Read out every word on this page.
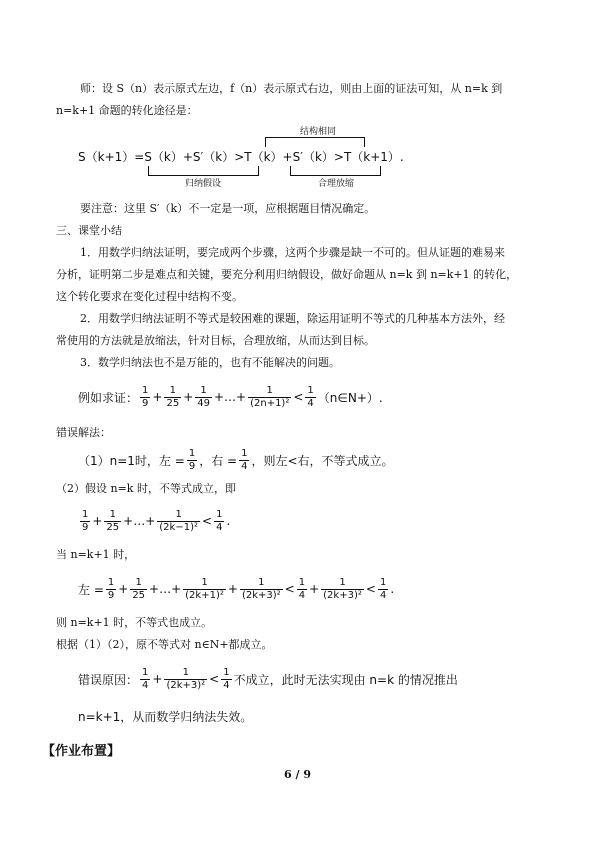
师：设 S（n）表示原式左边，f（n）表示原式右边，则由上面的证法可知，从 n=k 到
n=k+1 命题的转化途径是：
结构相同
S（k+1）=S（k）+S′（k）>T（k）+S′（k）>T（k+1）.
归纳假设	合理放缩
要注意：这里 S′（k）不一定是一项，应根据题目情况确定。
三、课堂小结
1．用数学归纳法证明，要完成两个步骤，这两个步骤是缺一不可的。但从证题的难易来
分析，证明第二步是难点和关键，要充分利用归纳假设，做好命题从 n=k 到 n=k+1 的转化，
这个转化要求在变化过程中结构不变。
2．用数学归纳法证明不等式是较困难的课题，除运用证明不等式的几种基本方法外，经
常使用的方法就是放缩法，针对目标，合理放缩，从而达到目标。
3．数学归纳法也不是万能的，也有不能解决的问题。
例如求证： $\frac{1}{9} + \frac{1}{25} + \frac{1}{49}$ +…+ $\frac{1}{\text{(2n+1)²}} < \frac{1}{4}$ （n∈N+）.
错误解法：
（1）n=1时，左 = $\frac{1}{9}$ ，右 = $\frac{1}{4}$ ，则左<右，不等式成立。
（2）假设 n=k 时，不等式成立，即
$\frac{1}{9} + \frac{1}{25}$ +…+ $\frac{1}{\text{(2k−1)²}} < \frac{1}{4}$ .
当 n=k+1 时，
左 = $\frac{1}{9} + \frac{1}{25}$ +…+ $\frac{1}{\text{(2k+1)²}} + \frac{1}{\text{(2k+3)²}} < \frac{1}{4} + \frac{1}{\text{(2k+3)²}} < \frac{1}{4}$ .
则 n=k+1 时，不等式也成立。
根据（1）（2），原不等式对 n∈N+都成立。
错误原因： $\frac{1}{4} + \frac{1}{\text{(2k+3)²}} < \frac{1}{4}$ 不成立，此时无法实现由 n=k 的情况推出
n=k+1，从而数学归纳法失效。
【作业布置】
6 / 9
